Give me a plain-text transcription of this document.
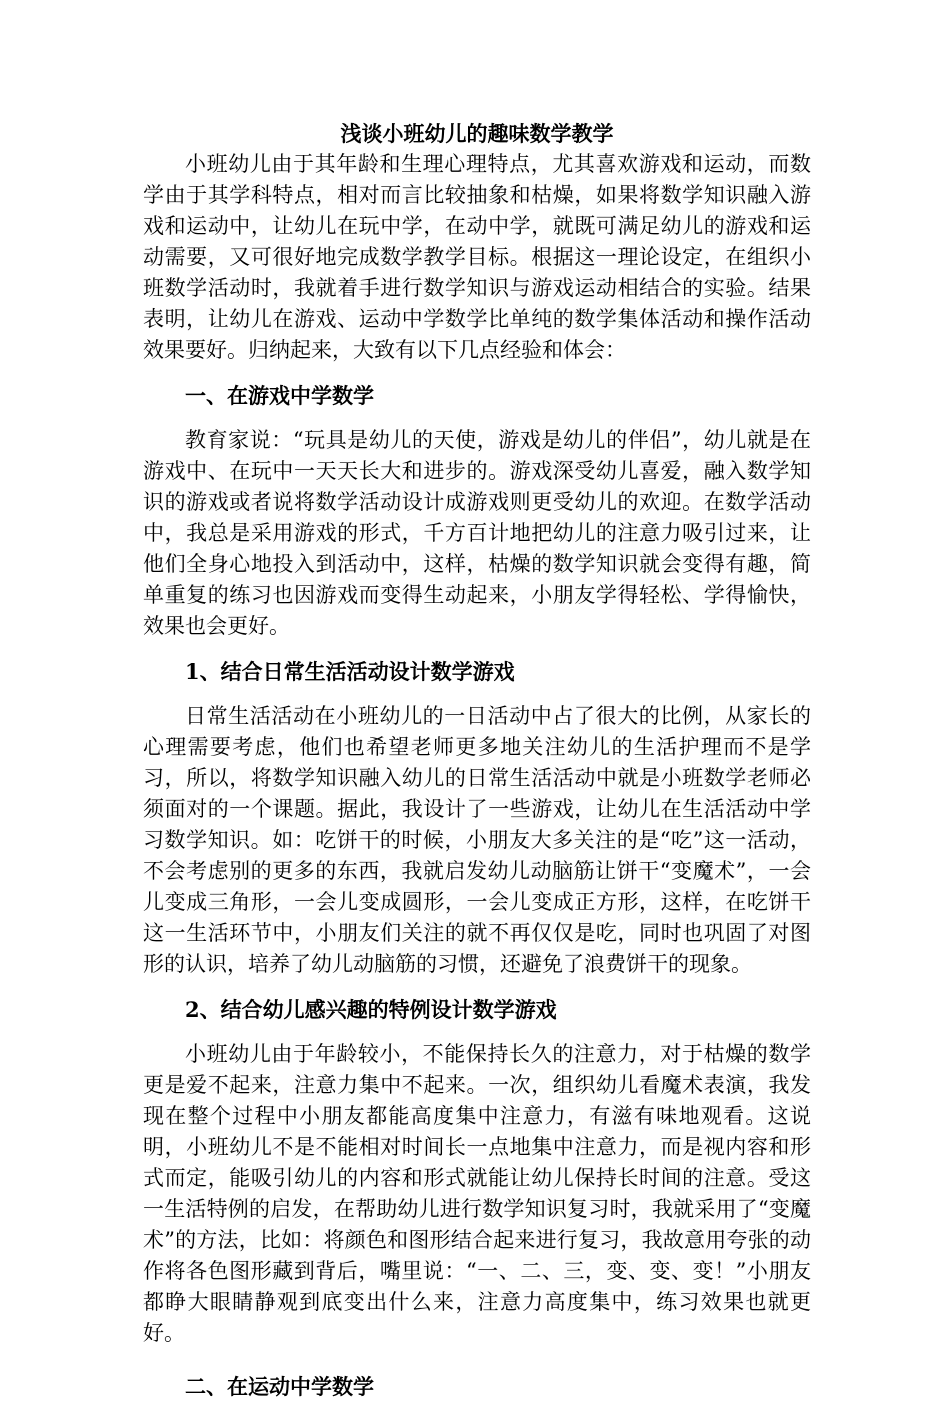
浅谈小班幼儿的趣味数学教学

小班幼儿由于其年龄和生理心理特点，尤其喜欢游戏和运动，而数学由于其学科特点，相对而言比较抽象和枯燥，如果将数学知识融入游戏和运动中，让幼儿在玩中学，在动中学，就既可满足幼儿的游戏和运动需要，又可很好地完成数学教学目标。根据这一理论设定，在组织小班数学活动时，我就着手进行数学知识与游戏运动相结合的实验。结果表明，让幼儿在游戏、运动中学数学比单纯的数学集体活动和操作活动效果要好。归纳起来，大致有以下几点经验和体会：

一、在游戏中学数学

教育家说：“玩具是幼儿的天使，游戏是幼儿的伴侣”，幼儿就是在游戏中、在玩中一天天长大和进步的。游戏深受幼儿喜爱，融入数学知识的游戏或者说将数学活动设计成游戏则更受幼儿的欢迎。在数学活动中，我总是采用游戏的形式，千方百计地把幼儿的注意力吸引过来，让他们全身心地投入到活动中，这样，枯燥的数学知识就会变得有趣，简单重复的练习也因游戏而变得生动起来，小朋友学得轻松、学得愉快，效果也会更好。

1、结合日常生活活动设计数学游戏

日常生活活动在小班幼儿的一日活动中占了很大的比例，从家长的心理需要考虑，他们也希望老师更多地关注幼儿的生活护理而不是学习，所以，将数学知识融入幼儿的日常生活活动中就是小班数学老师必须面对的一个课题。据此，我设计了一些游戏，让幼儿在生活活动中学习数学知识。如：吃饼干的时候，小朋友大多关注的是“吃”这一活动，不会考虑别的更多的东西，我就启发幼儿动脑筋让饼干“变魔术”，一会儿变成三角形，一会儿变成圆形，一会儿变成正方形，这样，在吃饼干这一生活环节中，小朋友们关注的就不再仅仅是吃，同时也巩固了对图形的认识，培养了幼儿动脑筋的习惯，还避免了浪费饼干的现象。

2、结合幼儿感兴趣的特例设计数学游戏

小班幼儿由于年龄较小，不能保持长久的注意力，对于枯燥的数学更是爱不起来，注意力集中不起来。一次，组织幼儿看魔术表演，我发现在整个过程中小朋友都能高度集中注意力，有滋有味地观看。这说明，小班幼儿不是不能相对时间长一点地集中注意力，而是视内容和形式而定，能吸引幼儿的内容和形式就能让幼儿保持长时间的注意。受这一生活特例的启发，在帮助幼儿进行数学知识复习时，我就采用了“变魔术”的方法，比如：将颜色和图形结合起来进行复习，我故意用夸张的动作将各色图形藏到背后，嘴里说：“一、二、三，变、变、变！”小朋友都睁大眼睛静观到底变出什么来，注意力高度集中，练习效果也就更好。

二、在运动中学数学
